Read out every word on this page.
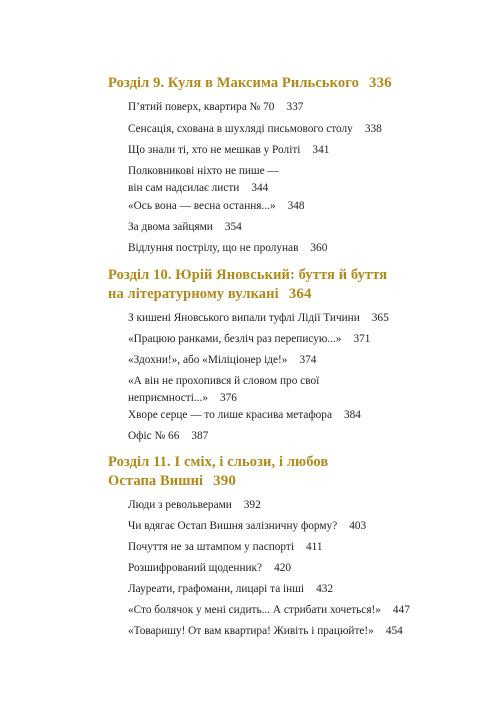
Розділ 9. Куля в Максима Рильського 336
П’ятий поверх, квартира № 70 337
Сенсація, схована в шухляді письмового столу 338
Що знали ті, хто не мешкав у Роліті 341
Полковникові ніхто не пише —
він сам надсилає листи 344
«Ось вона — весна остання...» 348
За двома зайцями 354
Відлуння пострілу, що не пролунав 360
Розділ 10. Юрій Яновський: буття й буття
на літературному вулкані 364
З кишені Яновського випали туфлі Лідії Тичини 365
«Працюю ранками, безліч раз переписую...» 371
«Здохни!», або «Міліціонер іде!» 374
«А він не прохопився й словом про свої
неприємності...» 376
Хворе серце — то лише красива метафора 384
Офіс № 66 387
Розділ 11. І сміх, і сльози, і любов
Остапа Вишні 390
Люди з револьверами 392
Чи вдягає Остап Вишня залізничну форму? 403
Почуття не за штампом у паспорті 411
Розшифрований щоденник? 420
Лауреати, графомани, лицарі та інші 432
«Сто болячок у мені сидить... А стрибати хочеться!» 447
«Товаришу! От вам квартира! Живіть і працюйте!» 454
